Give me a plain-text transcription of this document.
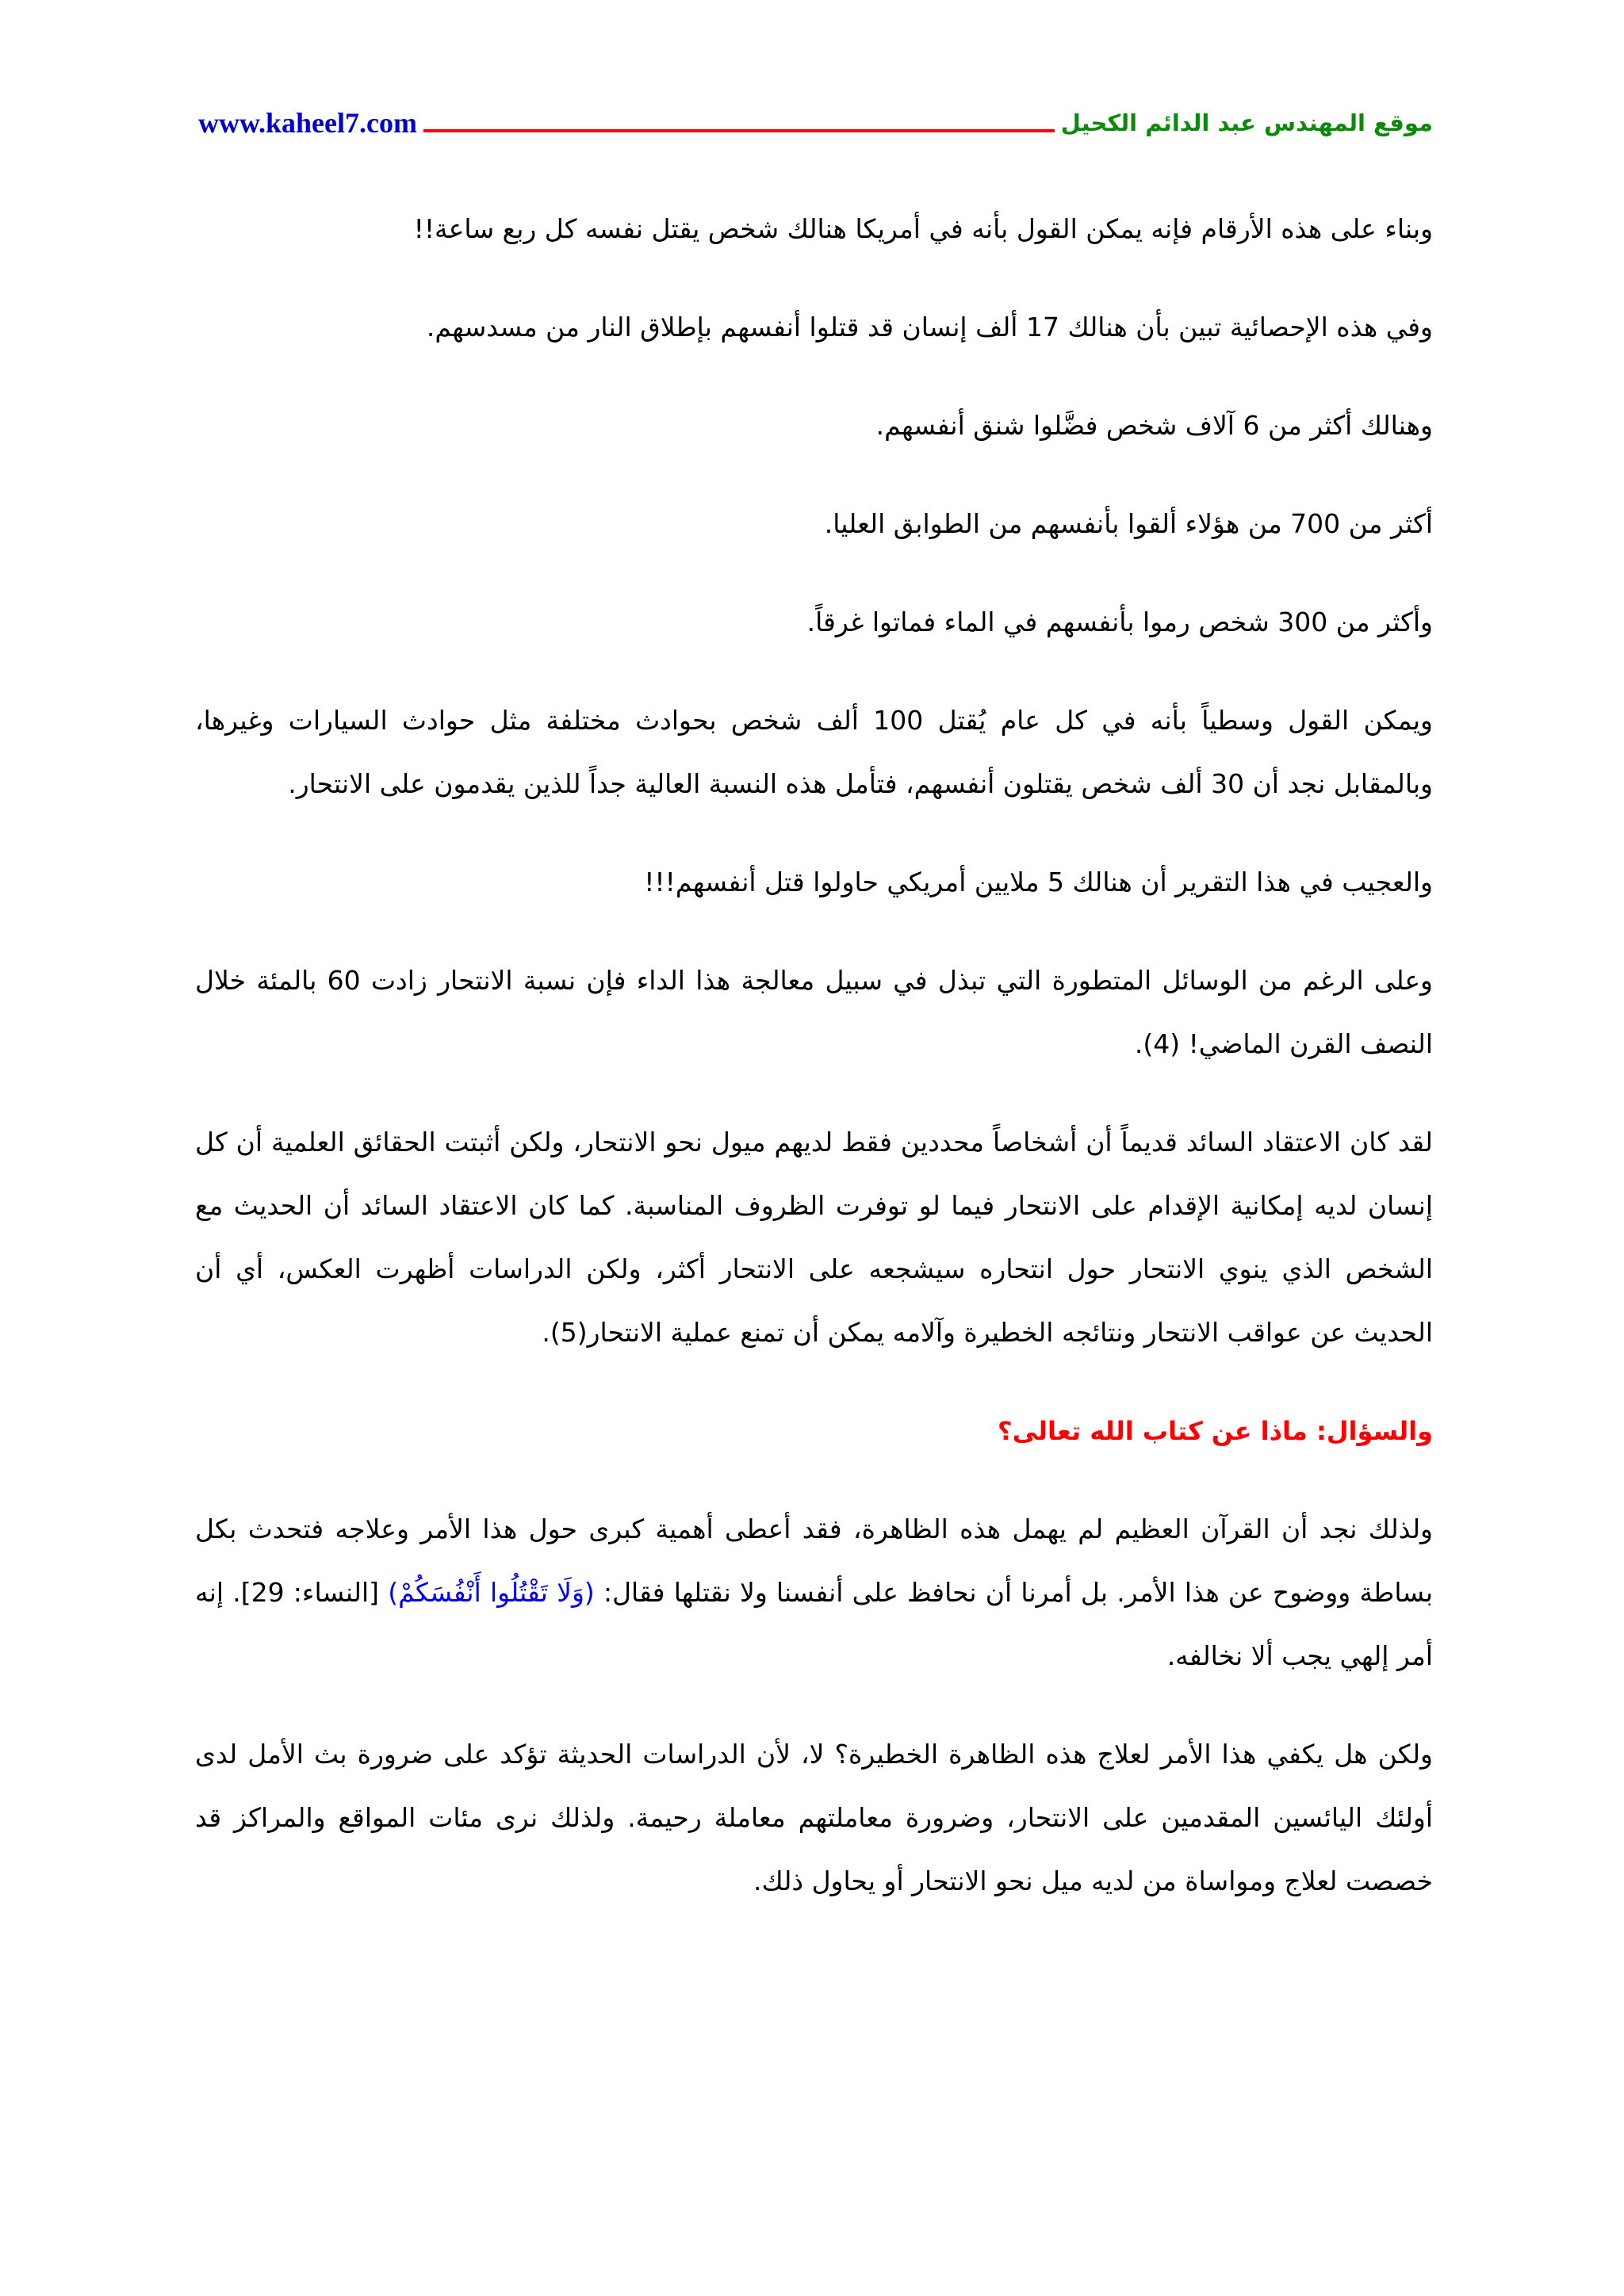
موقع المهندس عبد الدائم الكحيل
www.kaheel7.com

وبناء على هذه الأرقام فإنه يمكن القول بأنه في أمريكا هنالك شخص يقتل نفسه كل ربع ساعة!!

وفي هذه الإحصائية تبين بأن هنالك 17 ألف إنسان قد قتلوا أنفسهم بإطلاق النار من مسدسهم.

وهنالك أكثر من 6 آلاف شخص فضَّلوا شنق أنفسهم.

أكثر من 700 من هؤلاء ألقوا بأنفسهم من الطوابق العليا.

وأكثر من 300 شخص رموا بأنفسهم في الماء فماتوا غرقاً.

ويمكن القول وسطياً بأنه في كل عام يُقتل 100 ألف شخص بحوادث مختلفة مثل حوادث السيارات وغيرها، وبالمقابل نجد أن 30 ألف شخص يقتلون أنفسهم، فتأمل هذه النسبة العالية جداً للذين يقدمون على الانتحار.

والعجيب في هذا التقرير أن هنالك 5 ملايين أمريكي حاولوا قتل أنفسهم!!!

وعلى الرغم من الوسائل المتطورة التي تبذل في سبيل معالجة هذا الداء فإن نسبة الانتحار زادت 60 بالمئة خلال النصف القرن الماضي! (4).

لقد كان الاعتقاد السائد قديماً أن أشخاصاً محددين فقط لديهم ميول نحو الانتحار، ولكن أثبتت الحقائق العلمية أن كل إنسان لديه إمكانية الإقدام على الانتحار فيما لو توفرت الظروف المناسبة. كما كان الاعتقاد السائد أن الحديث مع الشخص الذي ينوي الانتحار حول انتحاره سيشجعه على الانتحار أكثر، ولكن الدراسات أظهرت العكس، أي أن الحديث عن عواقب الانتحار ونتائجه الخطيرة وآلامه يمكن أن تمنع عملية الانتحار(5).

والسؤال: ماذا عن كتاب الله تعالى؟

ولذلك نجد أن القرآن العظيم لم يهمل هذه الظاهرة، فقد أعطى أهمية كبرى حول هذا الأمر وعلاجه فتحدث بكل بساطة ووضوح عن هذا الأمر. بل أمرنا أن نحافظ على أنفسنا ولا نقتلها فقال: (وَلَا تَقْتُلُوا أَنْفُسَكُمْ) [النساء: 29]. إنه أمر إلهي يجب ألا نخالفه.

ولكن هل يكفي هذا الأمر لعلاج هذه الظاهرة الخطيرة؟ لا، لأن الدراسات الحديثة تؤكد على ضرورة بث الأمل لدى أولئك اليائسين المقدمين على الانتحار، وضرورة معاملتهم معاملة رحيمة. ولذلك نرى مئات المواقع والمراكز قد خصصت لعلاج ومواساة من لديه ميل نحو الانتحار أو يحاول ذلك.
